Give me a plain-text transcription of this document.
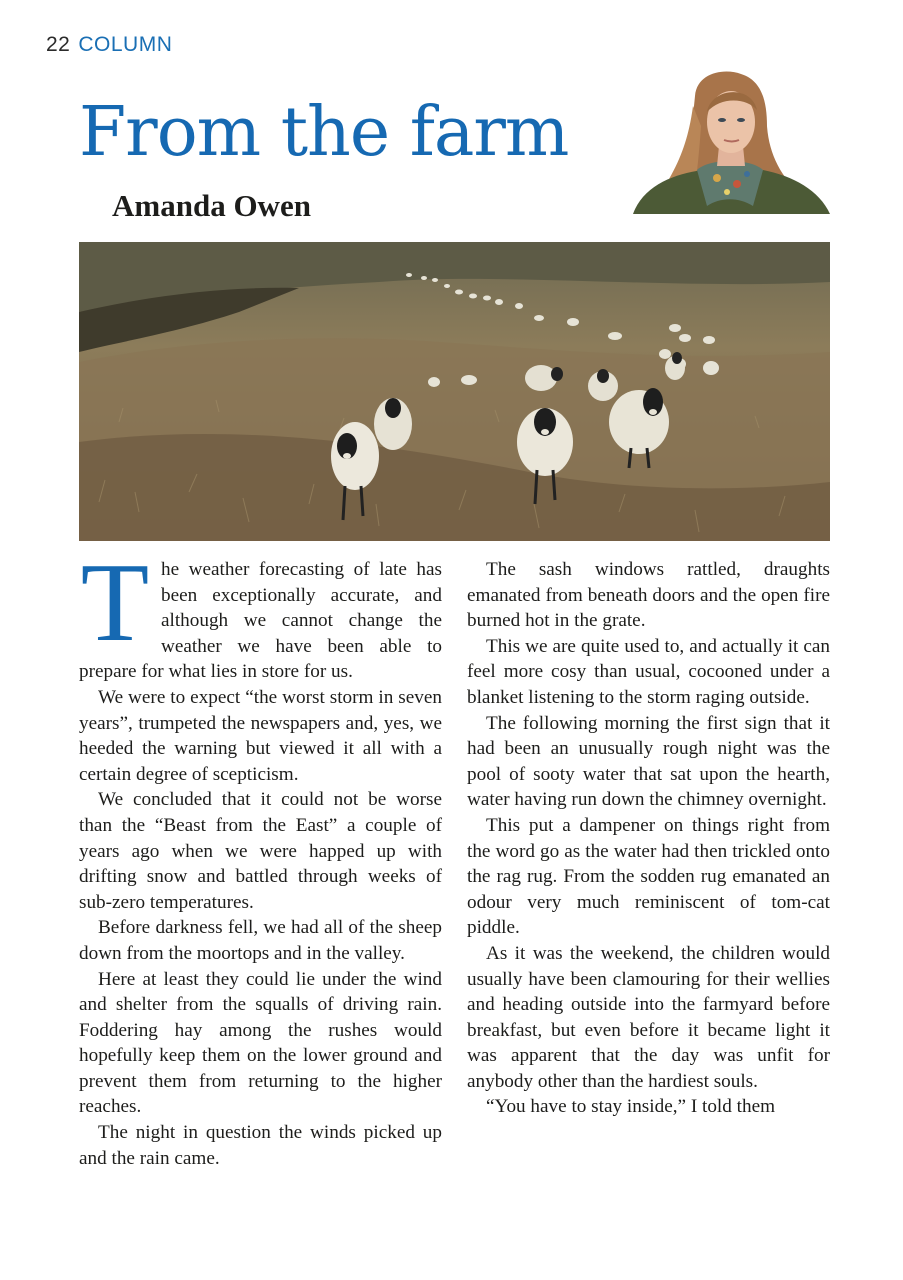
22 COLUMN
From the farm
Amanda Owen
T he weather forecasting of late has been exceptionally accurate, and although we cannot change the weather we have been able to prepare for what lies in store for us.

We were to expect “the worst storm in seven years”, trumpeted the newspapers and, yes, we heeded the warning but viewed it all with a certain degree of scepticism.

We concluded that it could not be worse than the “Beast from the East” a couple of years ago when we were happed up with drifting snow and battled through weeks of sub-zero temperatures.

Before darkness fell, we had all of the sheep down from the moortops and in the valley.

Here at least they could lie under the wind and shelter from the squalls of driving rain. Foddering hay among the rushes would hopefully keep them on the lower ground and prevent them from returning to the higher reaches.

The night in question the winds picked up and the rain came.

The sash windows rattled, draughts emanated from beneath doors and the open fire burned hot in the grate.

This we are quite used to, and actually it can feel more cosy than usual, cocooned under a blanket listening to the storm raging outside.

The following morning the first sign that it had been an unusually rough night was the pool of sooty water that sat upon the hearth, water having run down the chimney overnight.

This put a dampener on things right from the word go as the water had then trickled onto the rag rug. From the sodden rug emanated an odour very much reminiscent of tom-cat piddle.

As it was the weekend, the children would usually have been clamouring for their wellies and heading outside into the farmyard before breakfast, but even before it became light it was apparent that the day was unfit for anybody other than the hardiest souls.

“You have to stay inside,” I told them
